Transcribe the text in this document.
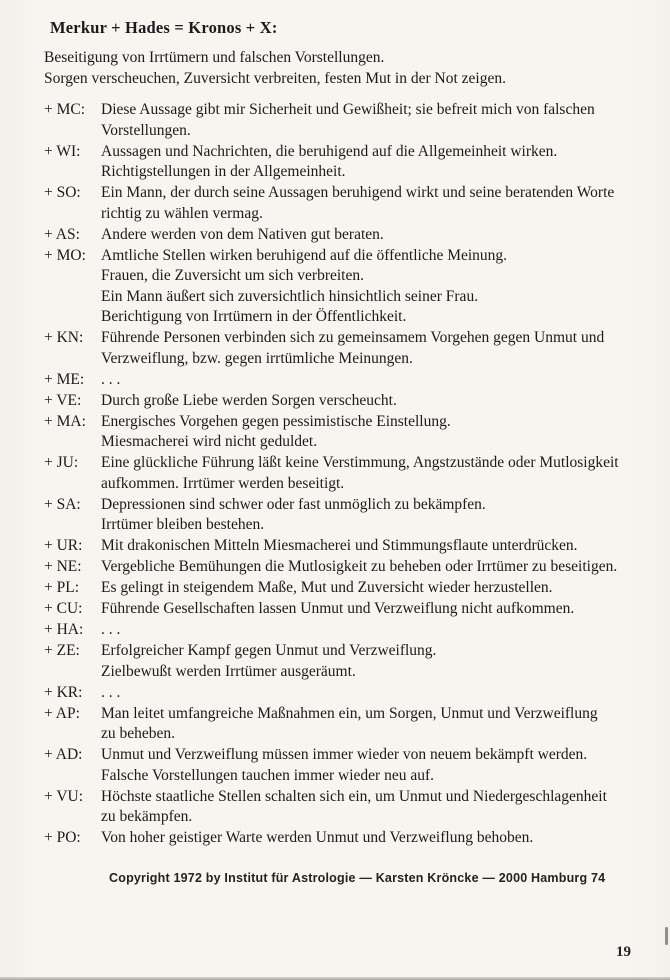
Merkur + Hades = Kronos + X:
Beseitigung von Irrtümern und falschen Vorstellungen.
Sorgen verscheuchen, Zuversicht verbreiten, festen Mut in der Not zeigen.
+ MC:	Diese Aussage gibt mir Sicherheit und Gewißheit; sie befreit mich von falschen
Vorstellungen.
+ WI:	Aussagen und Nachrichten, die beruhigend auf die Allgemeinheit wirken.
Richtigstellungen in der Allgemeinheit.
+ SO:	Ein Mann, der durch seine Aussagen beruhigend wirkt und seine beratenden Worte
richtig zu wählen vermag.
+ AS:	Andere werden von dem Nativen gut beraten.
+ MO: Amtliche Stellen wirken beruhigend auf die öffentliche Meinung.
Frauen, die Zuversicht um sich verbreiten.
Ein Mann äußert sich zuversichtlich hinsichtlich seiner Frau.
Berichtigung von Irrtümern in der Öffentlichkeit.
+ KN:	Führende Personen verbinden sich zu gemeinsamem Vorgehen gegen Unmut und
Verzweiflung, bzw. gegen irrtümliche Meinungen.
+ ME:	. . .
+ VE:	Durch große Liebe werden Sorgen verscheucht.
+ MA: Energisches Vorgehen gegen pessimistische Einstellung.
Miesmacherei wird nicht geduldet.
+ JU:	Eine glückliche Führung läßt keine Verstimmung, Angstzustände oder Mutlosigkeit
aufkommen. Irrtümer werden beseitigt.
+ SA:	Depressionen sind schwer oder fast unmöglich zu bekämpfen.
Irrtümer bleiben bestehen.
+ UR:	Mit drakonischen Mitteln Miesmacherei und Stimmungsflaute unterdrücken.
+ NE:	Vergebliche Bemühungen die Mutlosigkeit zu beheben oder Irrtümer zu beseitigen.
+ PL:	Es gelingt in steigendem Maße, Mut und Zuversicht wieder herzustellen.
+ CU:	Führende Gesellschaften lassen Unmut und Verzweiflung nicht aufkommen.
+ HA:	. . .
+ ZE:	Erfolgreicher Kampf gegen Unmut und Verzweiflung.
Zielbewußt werden Irrtümer ausgeräumt.
+ KR:	. . .
+ AP:	Man leitet umfangreiche Maßnahmen ein, um Sorgen, Unmut und Verzweiflung
zu beheben.
+ AD:	Unmut und Verzweiflung müssen immer wieder von neuem bekämpft werden.
Falsche Vorstellungen tauchen immer wieder neu auf.
+ VU:	Höchste staatliche Stellen schalten sich ein, um Unmut und Niedergeschlagenheit
zu bekämpfen.
+ PO:	Von hoher geistiger Warte werden Unmut und Verzweiflung behoben.
Copyright 1972 by Institut für Astrologie — Karsten Kröncke — 2000 Hamburg 74
19
